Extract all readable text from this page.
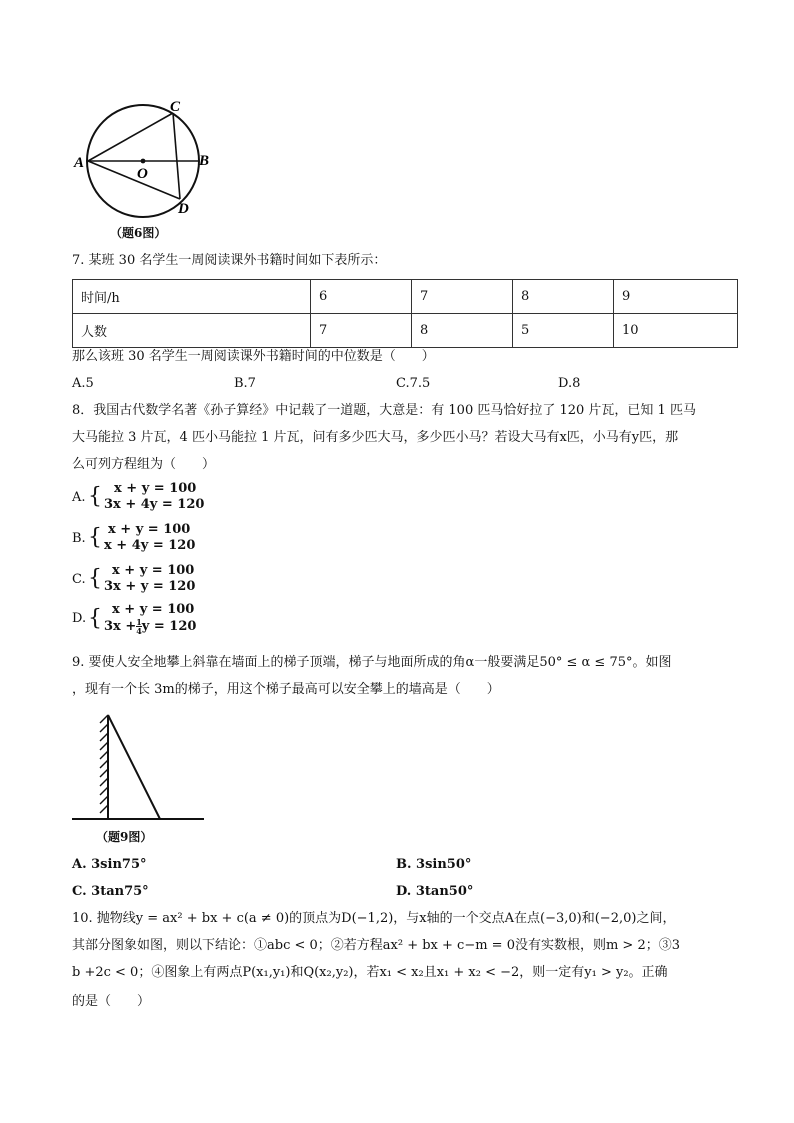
A	B
C
D
O
（题6图）
7. 某班 30 名学生一周阅读课外书籍时间如下表所示：
时间/h	6	7	8	9
人数	7	8	5	10
那么该班 30 名学生一周阅读课外书籍时间的中位数是（　　）
A.5	B.7	C.7.5	D.8
8．我国古代数学名著《孙子算经》中记载了一道题，大意是：有 100 匹马恰好拉了 120 片瓦，已知 1 匹马
大马能拉 3 片瓦，4 匹小马能拉 1 片瓦，问有多少匹大马，多少匹小马？若设大马有x匹，小马有y匹，那
么可列方程组为（　　）
A. { x + y = 100
3x + 4y = 120
B. { x + y = 100
x + 4y = 120
C. { x + y = 100
3x + y = 120
D. { x + y = 100
$3x + \frac{1}{4}$ y = 120
9. 要使人安全地攀上斜靠在墙面上的梯子顶端，梯子与地面所成的角α一般要满足50° ≤ α ≤ 75°。如图
，现有一个长 3m的梯子，用这个梯子最高可以安全攀上的墙高是（　　）
（题9图）
A. 3sin75°	B. 3sin50°
C. 3tan75°	D. 3tan50°
10. 抛物线y = ax² + bx + c(a ≠ 0)的顶点为D(−1,2)，与x轴的一个交点A在点(−3,0)和(−2,0)之间，
其部分图象如图，则以下结论：①abc < 0；②若方程ax² + bx + c−m = 0没有实数根，则m > 2；③3
b +2c < 0；④图象上有两点P(x₁,y₁)和Q(x₂,y₂)，若x₁ < x₂且x₁ + x₂ < −2，则一定有y₁ > y₂。正确
的是（　　）
